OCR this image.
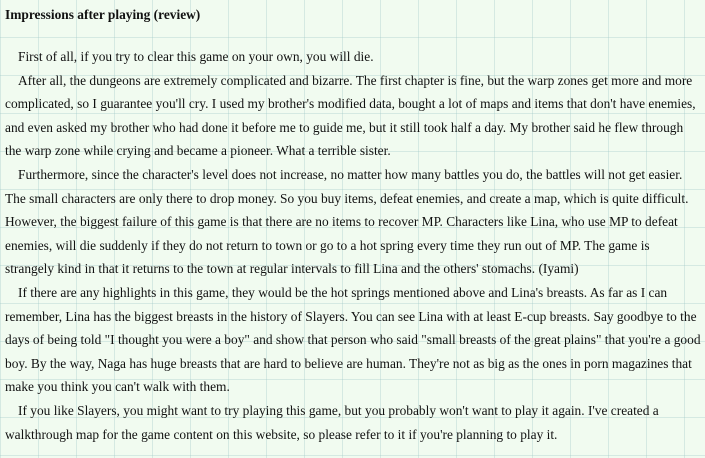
Impressions after playing (review)

First of all, if you try to clear this game on your own, you will die.

After all, the dungeons are extremely complicated and bizarre. The first chapter is fine, but the warp zones get more and more complicated, so I guarantee you'll cry. I used my brother's modified data, bought a lot of maps and items that don't have enemies, and even asked my brother who had done it before me to guide me, but it still took half a day. My brother said he flew through the warp zone while crying and became a pioneer. What a terrible sister.

Furthermore, since the character's level does not increase, no matter how many battles you do, the battles will not get easier. The small characters are only there to drop money. So you buy items, defeat enemies, and create a map, which is quite difficult. However, the biggest failure of this game is that there are no items to recover MP. Characters like Lina, who use MP to defeat enemies, will die suddenly if they do not return to town or go to a hot spring every time they run out of MP. The game is strangely kind in that it returns to the town at regular intervals to fill Lina and the others' stomachs. (Iyami)

If there are any highlights in this game, they would be the hot springs mentioned above and Lina's breasts. As far as I can remember, Lina has the biggest breasts in the history of Slayers. You can see Lina with at least E-cup breasts. Say goodbye to the days of being told "I thought you were a boy" and show that person who said "small breasts of the great plains" that you're a good boy. By the way, Naga has huge breasts that are hard to believe are human. They're not as big as the ones in porn magazines that make you think you can't walk with them.

If you like Slayers, you might want to try playing this game, but you probably won't want to play it again. I've created a walkthrough map for the game content on this website, so please refer to it if you're planning to play it.
